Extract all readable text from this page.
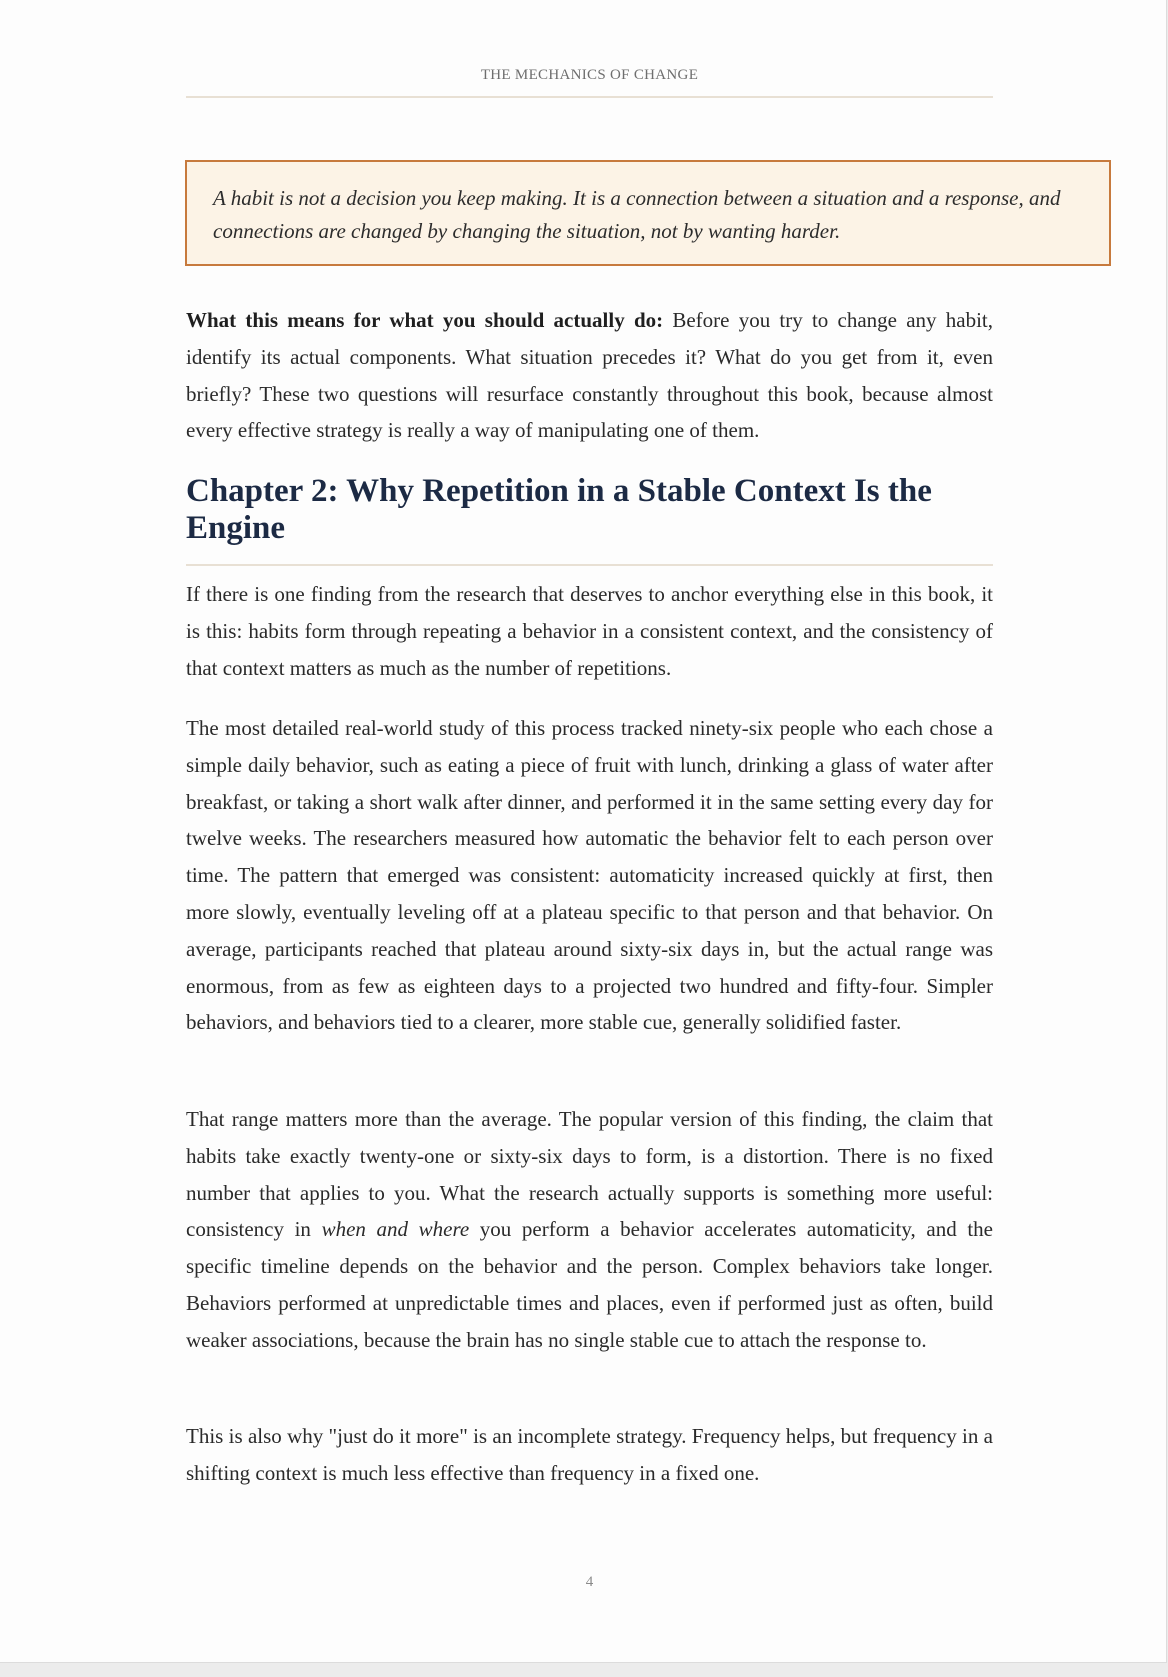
THE MECHANICS OF CHANGE

A habit is not a decision you keep making. It is a connection between a situation and a response, and connections are changed by changing the situation, not by wanting harder.

What this means for what you should actually do: Before you try to change any habit, identify its actual components. What situation precedes it? What do you get from it, even briefly? These two questions will resurface constantly throughout this book, because almost every effective strategy is really a way of manipulating one of them.

Chapter 2: Why Repetition in a Stable Context Is the Engine

If there is one finding from the research that deserves to anchor everything else in this book, it is this: habits form through repeating a behavior in a consistent context, and the consistency of that context matters as much as the number of repetitions.

The most detailed real-world study of this process tracked ninety-six people who each chose a simple daily behavior, such as eating a piece of fruit with lunch, drinking a glass of water after breakfast, or taking a short walk after dinner, and performed it in the same setting every day for twelve weeks. The researchers measured how automatic the behavior felt to each person over time. The pattern that emerged was consistent: automaticity increased quickly at first, then more slowly, eventually leveling off at a plateau specific to that person and that behavior. On average, participants reached that plateau around sixty-six days in, but the actual range was enormous, from as few as eighteen days to a projected two hundred and fifty-four. Simpler behaviors, and behaviors tied to a clearer, more stable cue, generally solidified faster.

That range matters more than the average. The popular version of this finding, the claim that habits take exactly twenty-one or sixty-six days to form, is a distortion. There is no fixed number that applies to you. What the research actually supports is something more useful: consistency in when and where you perform a behavior accelerates automaticity, and the specific timeline depends on the behavior and the person. Complex behaviors take longer. Behaviors performed at unpredictable times and places, even if performed just as often, build weaker associations, because the brain has no single stable cue to attach the response to.

This is also why "just do it more" is an incomplete strategy. Frequency helps, but frequency in a shifting context is much less effective than frequency in a fixed one.

4
